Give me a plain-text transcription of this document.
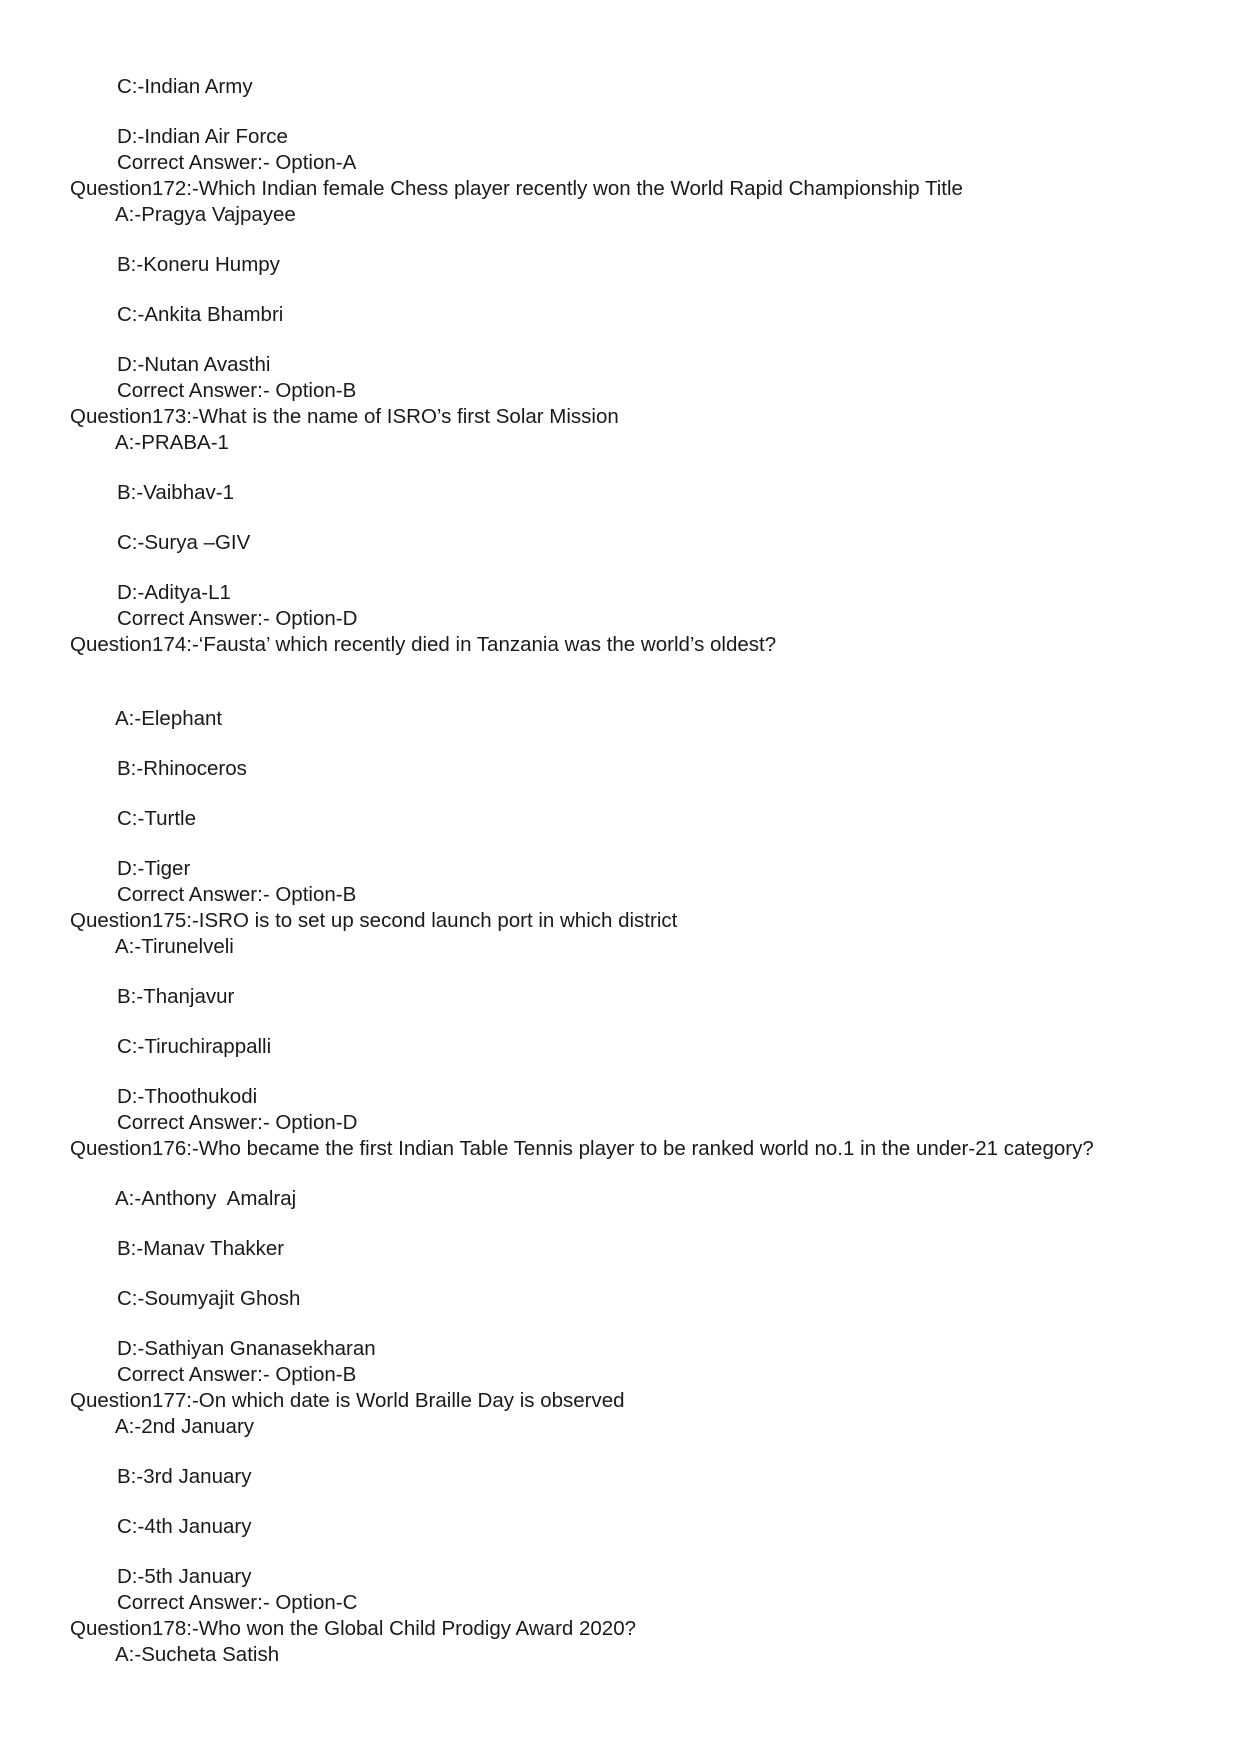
C:-Indian Army
D:-Indian Air Force
Correct Answer:- Option-A
Question172:-Which Indian female Chess player recently won the World Rapid Championship Title
A:-Pragya Vajpayee
B:-Koneru Humpy
C:-Ankita Bhambri
D:-Nutan Avasthi
Correct Answer:- Option-B
Question173:-What is the name of ISRO’s first Solar Mission
A:-PRABA-1
B:-Vaibhav-1
C:-Surya –GIV
D:-Aditya-L1
Correct Answer:- Option-D
Question174:-‘Fausta’ which recently died in Tanzania was the world’s oldest?
A:-Elephant
B:-Rhinoceros
C:-Turtle
D:-Tiger
Correct Answer:- Option-B
Question175:-ISRO is to set up second launch port in which district
A:-Tirunelveli
B:-Thanjavur
C:-Tiruchirappalli
D:-Thoothukodi
Correct Answer:- Option-D
Question176:-Who became the first Indian Table Tennis player to be ranked world no.1 in the under-21 category?
A:-Anthony  Amalraj
B:-Manav Thakker
C:-Soumyajit Ghosh
D:-Sathiyan Gnanasekharan
Correct Answer:- Option-B
Question177:-On which date is World Braille Day is observed
A:-2nd January
B:-3rd January
C:-4th January
D:-5th January
Correct Answer:- Option-C
Question178:-Who won the Global Child Prodigy Award 2020?
A:-Sucheta Satish
